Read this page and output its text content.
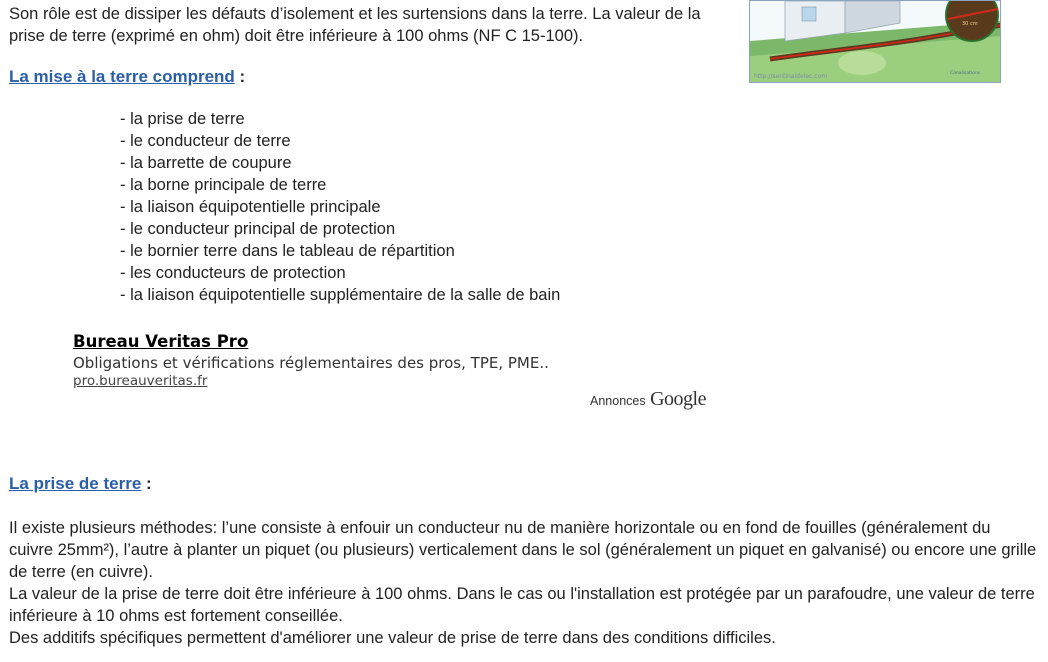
Son rôle est de dissiper les défauts d’isolement et les surtensions dans la terre. La valeur de la prise de terre (exprimé en ohm) doit être inférieure à 100 ohms (NF C 15-100).
30 cm
Canalisations
http://sentinaidelec.com
La mise à la terre comprend :
- la prise de terre
- le conducteur de terre
- la barrette de coupure
- la borne principale de terre
- la liaison équipotentielle principale
- le conducteur principal de protection
- le bornier terre dans le tableau de répartition
- les conducteurs de protection
- la liaison équipotentielle supplémentaire de la salle de bain
Bureau Veritas Pro
Obligations et vérifications réglementaires des pros, TPE, PME..
pro.bureauveritas.fr
Annonces Google
La prise de terre :
Il existe plusieurs méthodes: l’une consiste à enfouir un conducteur nu de manière horizontale ou en fond de fouilles (généralement du cuivre 25mm²), l’autre à planter un piquet (ou plusieurs) verticalement dans le sol (généralement un piquet en galvanisé) ou encore une grille de terre (en cuivre).
La valeur de la prise de terre doit être inférieure à 100 ohms. Dans le cas ou l'installation est protégée par un parafoudre, une valeur de terre inférieure à 10 ohms est fortement conseillée.
Des additifs spécifiques permettent d'améliorer une valeur de prise de terre dans des conditions difficiles.
